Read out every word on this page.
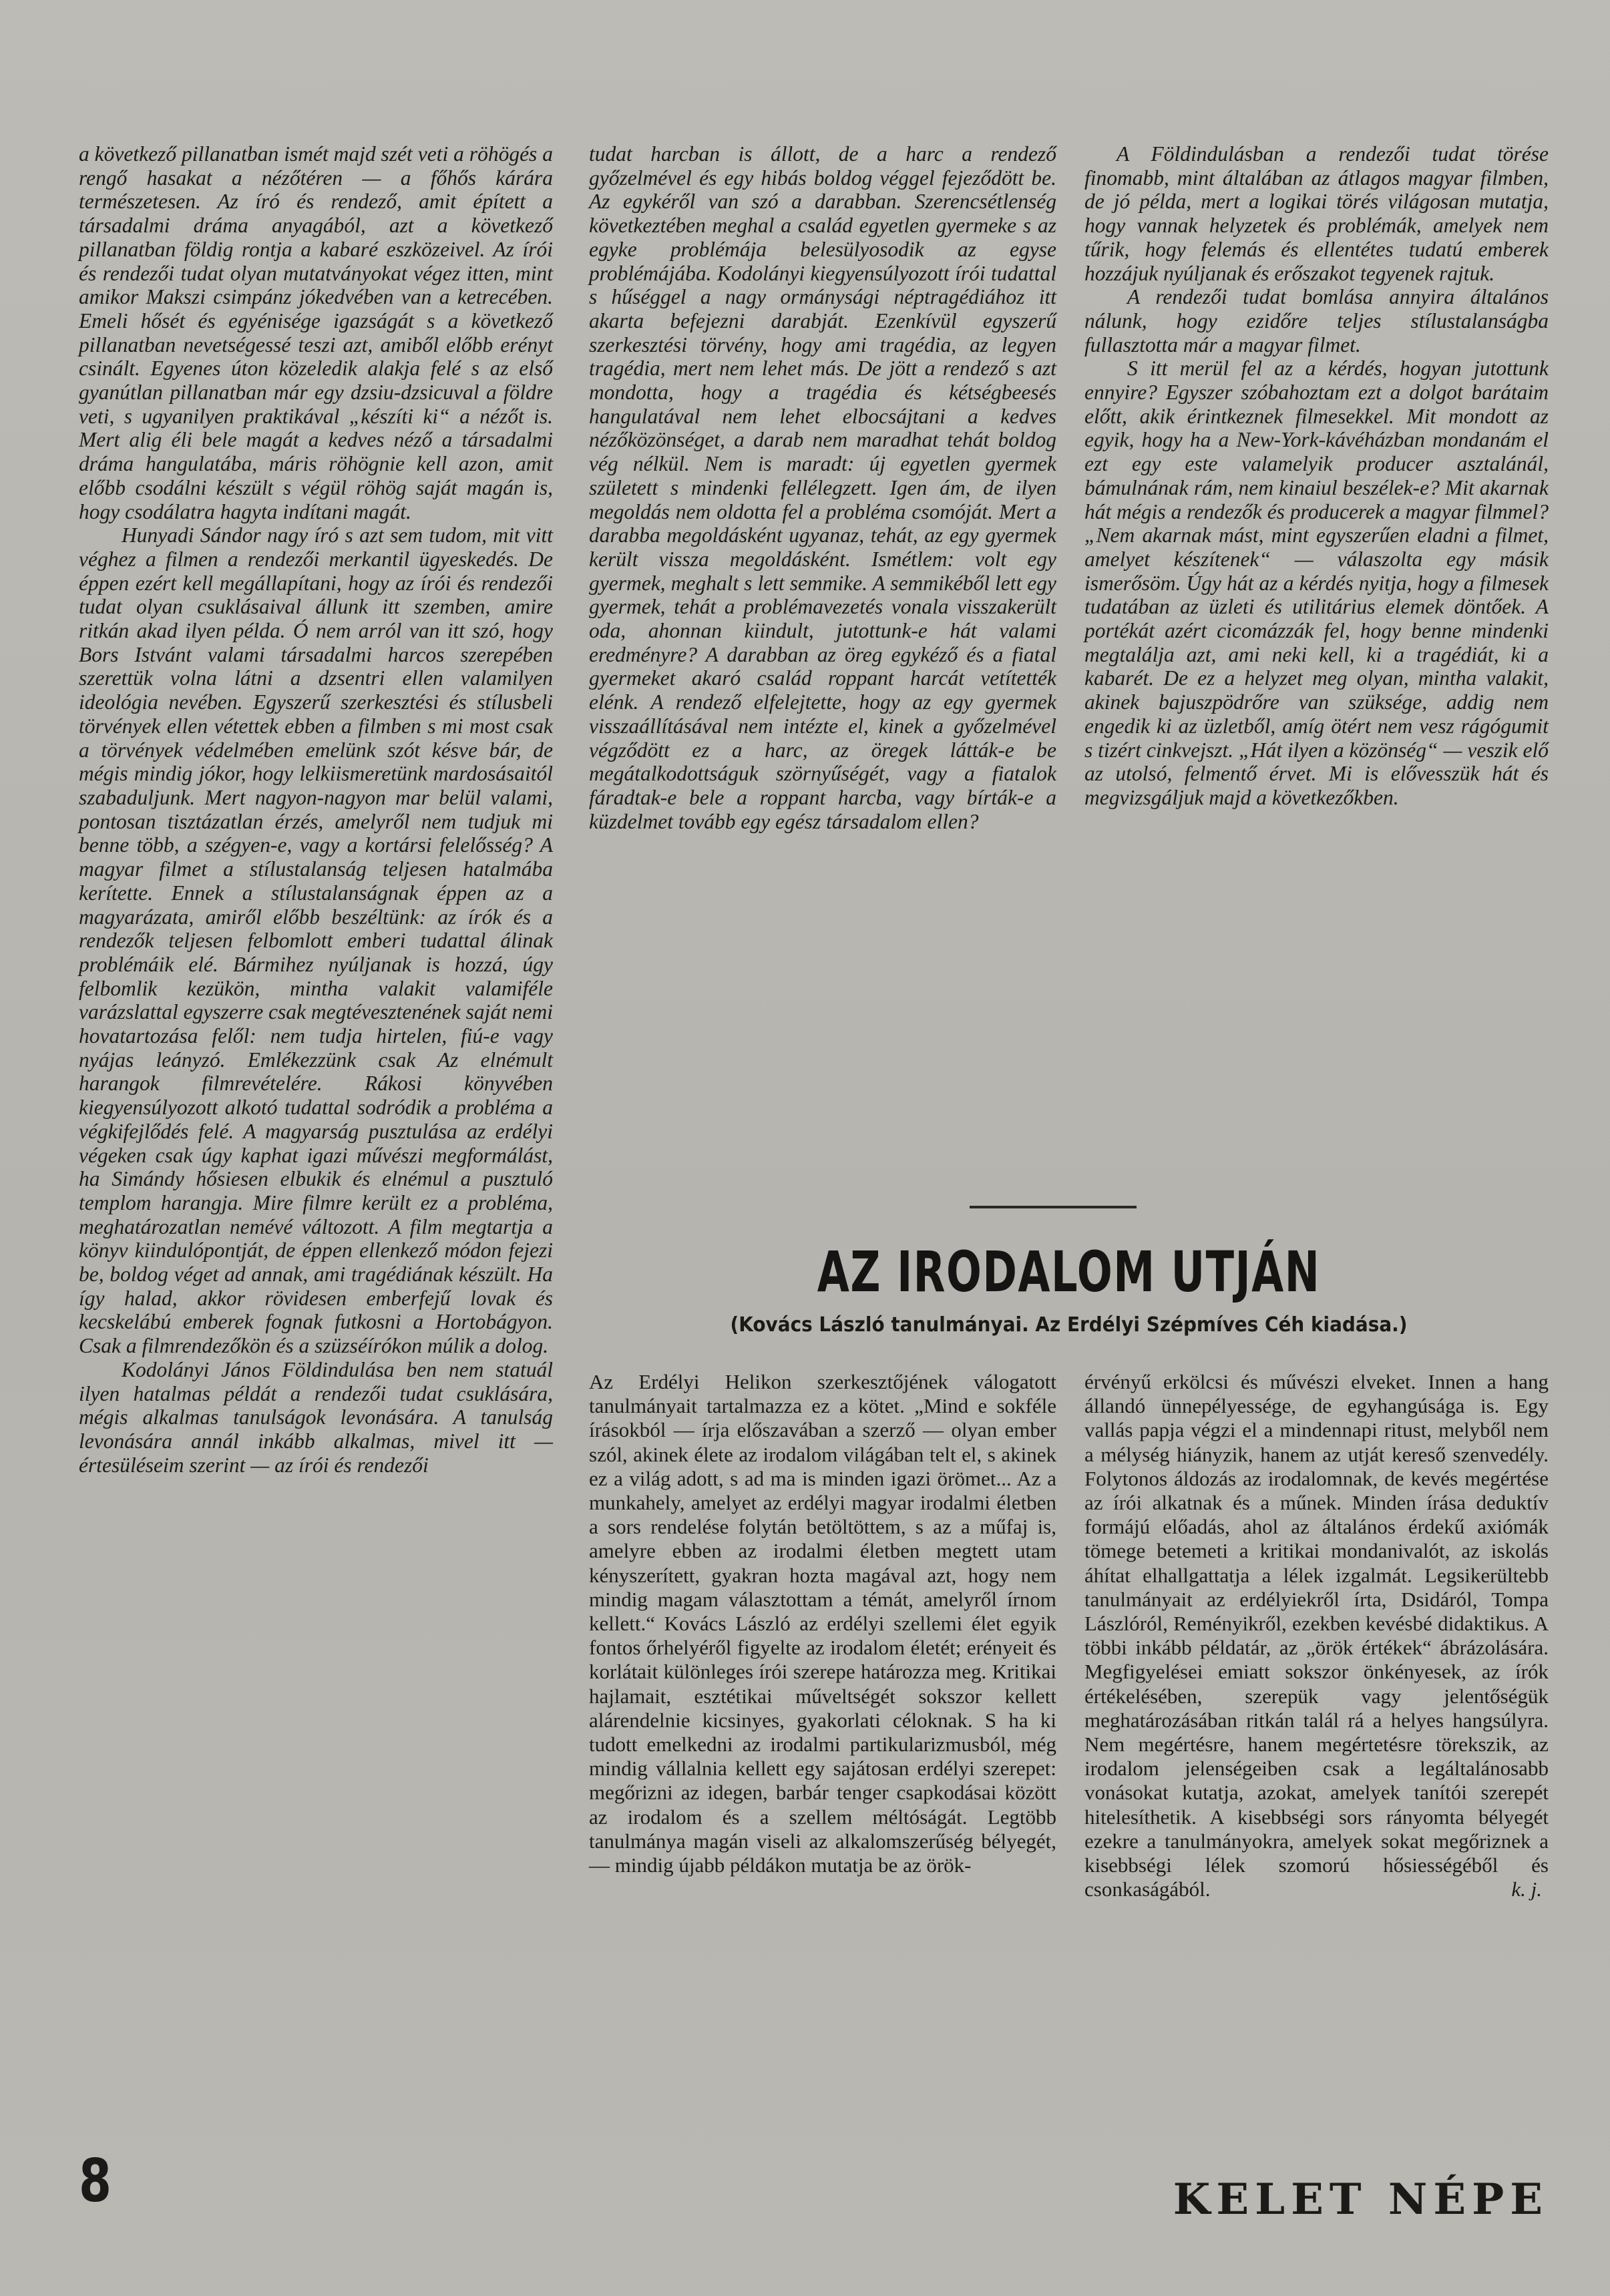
a következő pillanatban ismét majd szét veti a röhögés a rengő hasakat a nézőtéren — a főhős kárára természetesen. Az író és rendező, amit épített a társadalmi dráma anyagából, azt a következő pillanatban földig rontja a kabaré eszközeivel. Az írói és rendezői tudat olyan mutatványokat végez itten, mint amikor Makszi csimpánz jókedvében van a ketrecében. Emeli hősét és egyénisége igazságát s a következő pillanatban nevetségessé teszi azt, amiből előbb erényt csinált. Egyenes úton közeledik alakja felé s az első gyanútlan pillanatban már egy dzsiu-dzsicuval a földre veti, s ugyanilyen praktikával „készíti ki“ a nézőt is. Mert alig éli bele magát a kedves néző a társadalmi dráma hangulatába, máris röhögnie kell azon, amit előbb csodálni készült s végül röhög saját magán is, hogy csodálatra hagyta indítani magát.

Hunyadi Sándor nagy író s azt sem tudom, mit vitt véghez a filmen a rendezői merkantil ügyeskedés. De éppen ezért kell megállapítani, hogy az írói és rendezői tudat olyan csuklásaival állunk itt szemben, amire ritkán akad ilyen példa. Ó nem arról van itt szó, hogy Bors Istvánt valami társadalmi harcos szerepében szerettük volna látni a dzsentri ellen valamilyen ideológia nevében. Egyszerű szerkesztési és stílusbeli törvények ellen vétettek ebben a filmben s mi most csak a törvények védelmében emelünk szót késve bár, de mégis mindig jókor, hogy lelkiismeretünk mardosásaitól szabaduljunk. Mert nagyon-nagyon mar belül valami, pontosan tisztázatlan érzés, amelyről nem tudjuk mi benne több, a szégyen-e, vagy a kortársi felelősség? A magyar filmet a stílustalanság teljesen hatalmába kerítette. Ennek a stílustalanságnak éppen az a magyarázata, amiről előbb beszéltünk: az írók és a rendezők teljesen felbomlott emberi tudattal álinak problémáik elé. Bármihez nyúljanak is hozzá, úgy felbomlik kezükön, mintha valakit valamiféle varázslattal egyszerre csak megtévesztenének saját nemi hovatartozása felől: nem tudja hirtelen, fiú-e vagy nyájas leányzó. Emlékezzünk csak Az elnémult harangok filmrevételére. Rákosi könyvében kiegyensúlyozott alkotó tudattal sodródik a probléma a végkifejlődés felé. A magyarság pusztulása az erdélyi végeken csak úgy kaphat igazi művészi megformálást, ha Simándy hősiesen elbukik és elnémul a pusztuló templom harangja. Mire filmre került ez a probléma, meghatározatlan nemévé változott. A film megtartja a könyv kiindulópontját, de éppen ellenkező módon fejezi be, boldog véget ad annak, ami tragédiának készült. Ha így halad, akkor rövidesen emberfejű lovak és kecskelábú emberek fognak futkosni a Hortobágyon. Csak a filmrendezőkön és a szüzséírókon múlik a dolog.

Kodolányi János Földindulása ben nem statuál ilyen hatalmas példát a rendezői tudat csuklására, mégis alkalmas tanulságok levonására. A tanulság levonására annál inkább alkalmas, mivel itt — értesüléseim szerint — az írói és rendezői

tudat harcban is állott, de a harc a rendező győzelmével és egy hibás boldog véggel fejeződött be. Az egykéről van szó a darabban. Szerencsétlenség következtében meghal a család egyetlen gyermeke s az egyke problémája belesülyosodik az egyse problémájába. Kodolányi kiegyensúlyozott írói tudattal s hűséggel a nagy ormánysági néptragédiához itt akarta befejezni darabját. Ezenkívül egyszerű szerkesztési törvény, hogy ami tragédia, az legyen tragédia, mert nem lehet más. De jött a rendező s azt mondotta, hogy a tragédia és kétségbeesés hangulatával nem lehet elbocsájtani a kedves nézőközönséget, a darab nem maradhat tehát boldog vég nélkül. Nem is maradt: új egyetlen gyermek született s mindenki fellélegzett. Igen ám, de ilyen megoldás nem oldotta fel a probléma csomóját. Mert a darabba megoldásként ugyanaz, tehát, az egy gyermek került vissza megoldásként. Ismétlem: volt egy gyermek, meghalt s lett semmike. A semmikéből lett egy gyermek, tehát a problémavezetés vonala visszakerült oda, ahonnan kiindult, jutottunk-e hát valami eredményre? A darabban az öreg egykéző és a fiatal gyermeket akaró család roppant harcát vetítették elénk. A rendező elfelejtette, hogy az egy gyermek visszaállításával nem intézte el, kinek a győzelmével végződött ez a harc, az öregek látták-e be megátalkodottságuk szörnyűségét, vagy a fiatalok fáradtak-e bele a roppant harcba, vagy bírták-e a küzdelmet tovább egy egész társadalom ellen?

A Földindulásban a rendezői tudat törése finomabb, mint általában az átlagos magyar filmben, de jó példa, mert a logikai törés világosan mutatja, hogy vannak helyzetek és problémák, amelyek nem tűrik, hogy felemás és ellentétes tudatú emberek hozzájuk nyúljanak és erőszakot tegyenek rajtuk.

A rendezői tudat bomlása annyira általános nálunk, hogy ezidőre teljes stílustalanságba fullasztotta már a magyar filmet.

S itt merül fel az a kérdés, hogyan jutottunk ennyire? Egyszer szóbahoztam ezt a dolgot barátaim előtt, akik érintkeznek filmesekkel. Mit mondott az egyik, hogy ha a New-York-kávéházban mondanám el ezt egy este valamelyik producer asztalánál, bámulnának rám, nem kinaiul beszélek-e? Mit akarnak hát mégis a rendezők és producerek a magyar filmmel? „Nem akarnak mást, mint egyszerűen eladni a filmet, amelyet készítenek“ — válaszolta egy másik ismerősöm. Úgy hát az a kérdés nyitja, hogy a filmesek tudatában az üzleti és utilitárius elemek döntőek. A portékát azért cicomázzák fel, hogy benne mindenki megtalálja azt, ami neki kell, ki a tragédiát, ki a kabarét. De ez a helyzet meg olyan, mintha valakit, akinek bajuszpödrőre van szüksége, addig nem engedik ki az üzletből, amíg ötért nem vesz rágógumit s tizért cinkvejszt. „Hát ilyen a közönség“ — veszik elő az utolsó, felmentő érvet. Mi is elővesszük hát és megvizsgáljuk majd a következőkben.

AZ IRODALOM UTJÁN

(Kovács László tanulmányai. Az Erdélyi Szépmíves Céh kiadása.)

Az Erdélyi Helikon szerkesztőjének válogatott tanulmányait tartalmazza ez a kötet. „Mind e sokféle írásokból — írja előszavában a szerző — olyan ember szól, akinek élete az irodalom világában telt el, s akinek ez a világ adott, s ad ma is minden igazi örömet... Az a munkahely, amelyet az erdélyi magyar irodalmi életben a sors rendelése folytán betöltöttem, s az a műfaj is, amelyre ebben az irodalmi életben megtett utam kényszerített, gyakran hozta magával azt, hogy nem mindig magam választottam a témát, amelyről írnom kellett.“ Kovács László az erdélyi szellemi élet egyik fontos őrhelyéről figyelte az irodalom életét; erényeit és korlátait különleges írói szerepe határozza meg. Kritikai hajlamait, esztétikai műveltségét sokszor kellett alárendelnie kicsinyes, gyakorlati céloknak. S ha ki tudott emelkedni az irodalmi partikularizmusból, még mindig vállalnia kellett egy sajátosan erdélyi szerepet: megőrizni az idegen, barbár tenger csapkodásai között az irodalom és a szellem méltóságát. Legtöbb tanulmánya magán viseli az alkalomszerűség bélyegét, — mindig újabb példákon mutatja be az örök-

érvényű erkölcsi és művészi elveket. Innen a hang állandó ünnepélyessége, de egyhangúsága is. Egy vallás papja végzi el a mindennapi ritust, melyből nem a mélység hiányzik, hanem az utját kereső szenvedély. Folytonos áldozás az irodalomnak, de kevés megértése az írói alkatnak és a műnek. Minden írása deduktív formájú előadás, ahol az általános érdekű axiómák tömege betemeti a kritikai mondanivalót, az iskolás áhítat elhallgattatja a lélek izgalmát. Legsikerültebb tanulmányait az erdélyiekről írta, Dsidáról, Tompa Lászlóról, Reményikről, ezekben kevésbé didaktikus. A többi inkább példatár, az „örök értékek“ ábrázolására. Megfigyelései emiatt sokszor önkényesek, az írók értékelésében, szerepük vagy jelentőségük meghatározásában ritkán talál rá a helyes hangsúlyra. Nem megértésre, hanem megértetésre törekszik, az irodalom jelenségeiben csak a legáltalánosabb vonásokat kutatja, azokat, amelyek tanítói szerepét hitelesíthetik. A kisebbségi sors rányomta bélyegét ezekre a tanulmányokra, amelyek sokat megőriznek a kisebbségi lélek szomorú hősiességéből és csonkaságából.	k. j.

8	KELET NÉPE
